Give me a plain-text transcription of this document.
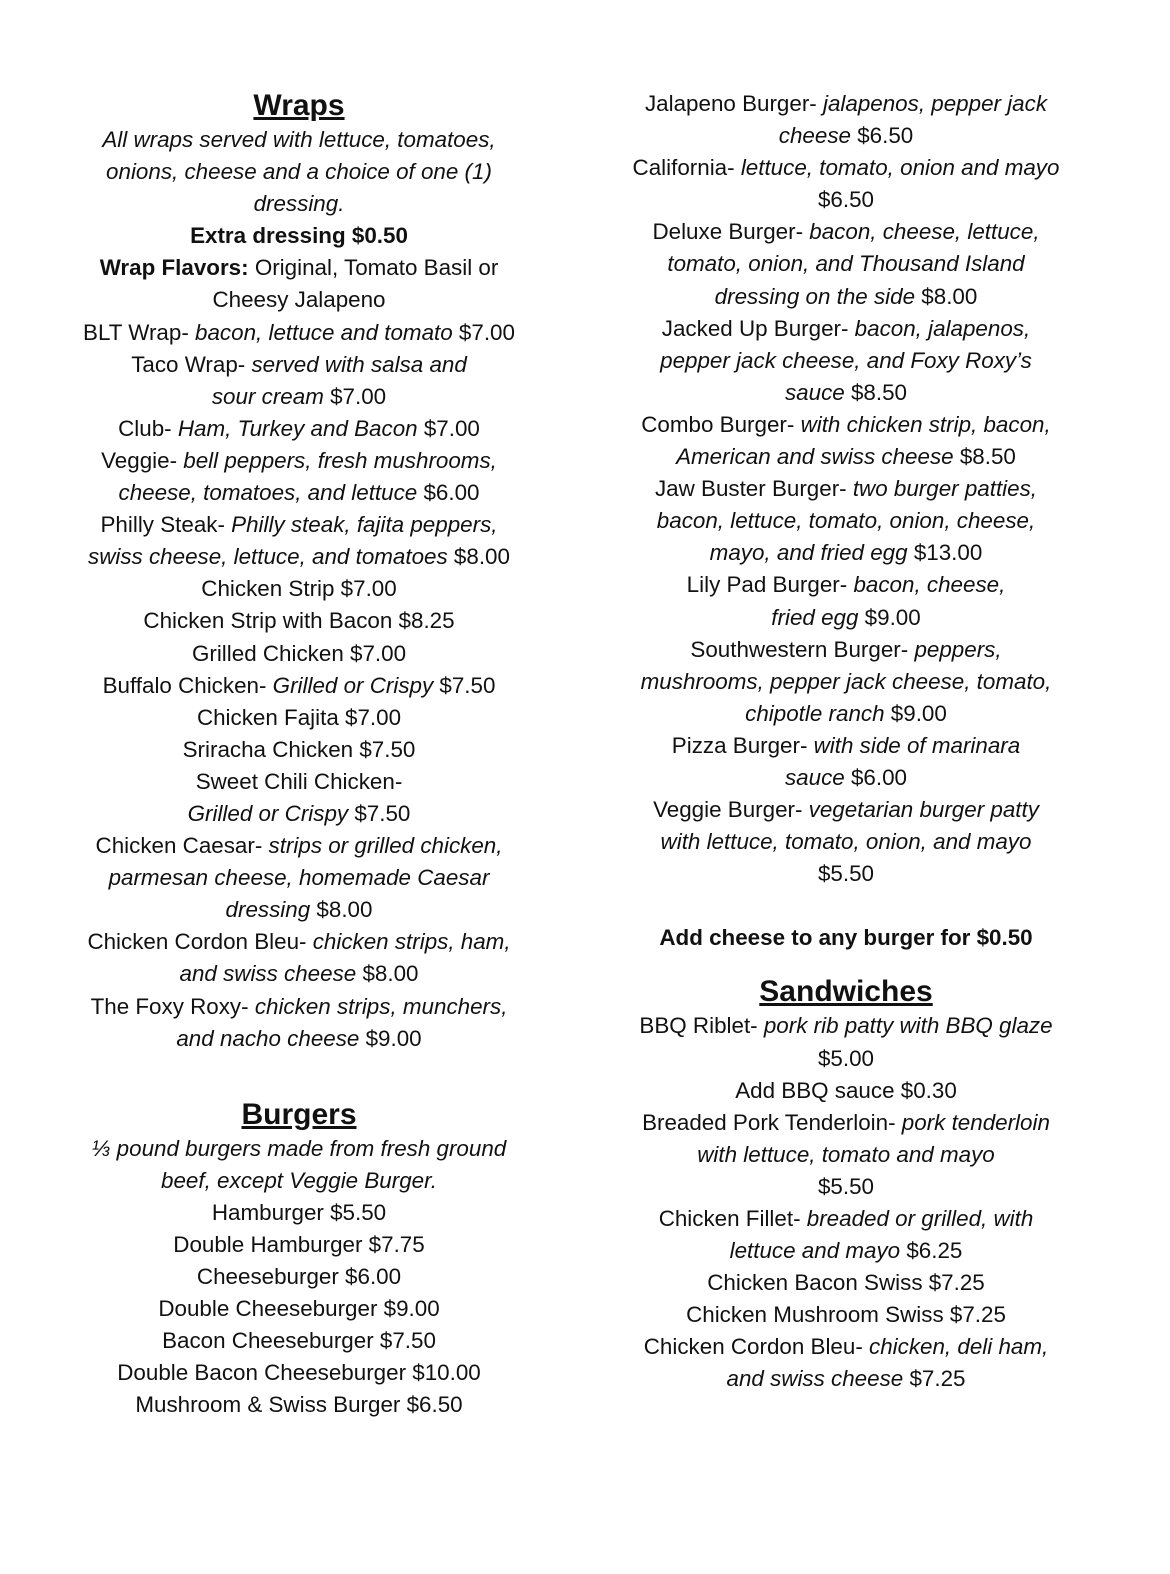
Wraps
All wraps served with lettuce, tomatoes,
onions, cheese and a choice of one (1)
dressing.
Extra dressing $0.50
Wrap Flavors: Original, Tomato Basil or
Cheesy Jalapeno
BLT Wrap- bacon, lettuce and tomato $7.00
Taco Wrap- served with salsa and
sour cream $7.00
Club- Ham, Turkey and Bacon $7.00
Veggie- bell peppers, fresh mushrooms,
cheese, tomatoes, and lettuce $6.00
Philly Steak- Philly steak, fajita peppers,
swiss cheese, lettuce, and tomatoes $8.00
Chicken Strip $7.00
Chicken Strip with Bacon $8.25
Grilled Chicken $7.00
Buffalo Chicken- Grilled or Crispy $7.50
Chicken Fajita $7.00
Sriracha Chicken $7.50
Sweet Chili Chicken-
Grilled or Crispy $7.50
Chicken Caesar- strips or grilled chicken,
parmesan cheese, homemade Caesar
dressing $8.00
Chicken Cordon Bleu- chicken strips, ham,
and swiss cheese $8.00
The Foxy Roxy- chicken strips, munchers,
and nacho cheese $9.00
Burgers
⅓ pound burgers made from fresh ground
beef, except Veggie Burger.
Hamburger $5.50
Double Hamburger $7.75
Cheeseburger $6.00
Double Cheeseburger $9.00
Bacon Cheeseburger $7.50
Double Bacon Cheeseburger $10.00
Mushroom & Swiss Burger $6.50
Jalapeno Burger- jalapenos, pepper jack
cheese $6.50
California- lettuce, tomato, onion and mayo
$6.50
Deluxe Burger- bacon, cheese, lettuce,
tomato, onion, and Thousand Island
dressing on the side $8.00
Jacked Up Burger- bacon, jalapenos,
pepper jack cheese, and Foxy Roxy’s
sauce $8.50
Combo Burger- with chicken strip, bacon,
American and swiss cheese $8.50
Jaw Buster Burger- two burger patties,
bacon, lettuce, tomato, onion, cheese,
mayo, and fried egg $13.00
Lily Pad Burger- bacon, cheese,
fried egg $9.00
Southwestern Burger- peppers,
mushrooms, pepper jack cheese, tomato,
chipotle ranch $9.00
Pizza Burger- with side of marinara
sauce $6.00
Veggie Burger- vegetarian burger patty
with lettuce, tomato, onion, and mayo
$5.50
Add cheese to any burger for $0.50
Sandwiches
BBQ Riblet- pork rib patty with BBQ glaze
$5.00
Add BBQ sauce $0.30
Breaded Pork Tenderloin- pork tenderloin
with lettuce, tomato and mayo
$5.50
Chicken Fillet- breaded or grilled, with
lettuce and mayo $6.25
Chicken Bacon Swiss $7.25
Chicken Mushroom Swiss $7.25
Chicken Cordon Bleu- chicken, deli ham,
and swiss cheese $7.25
